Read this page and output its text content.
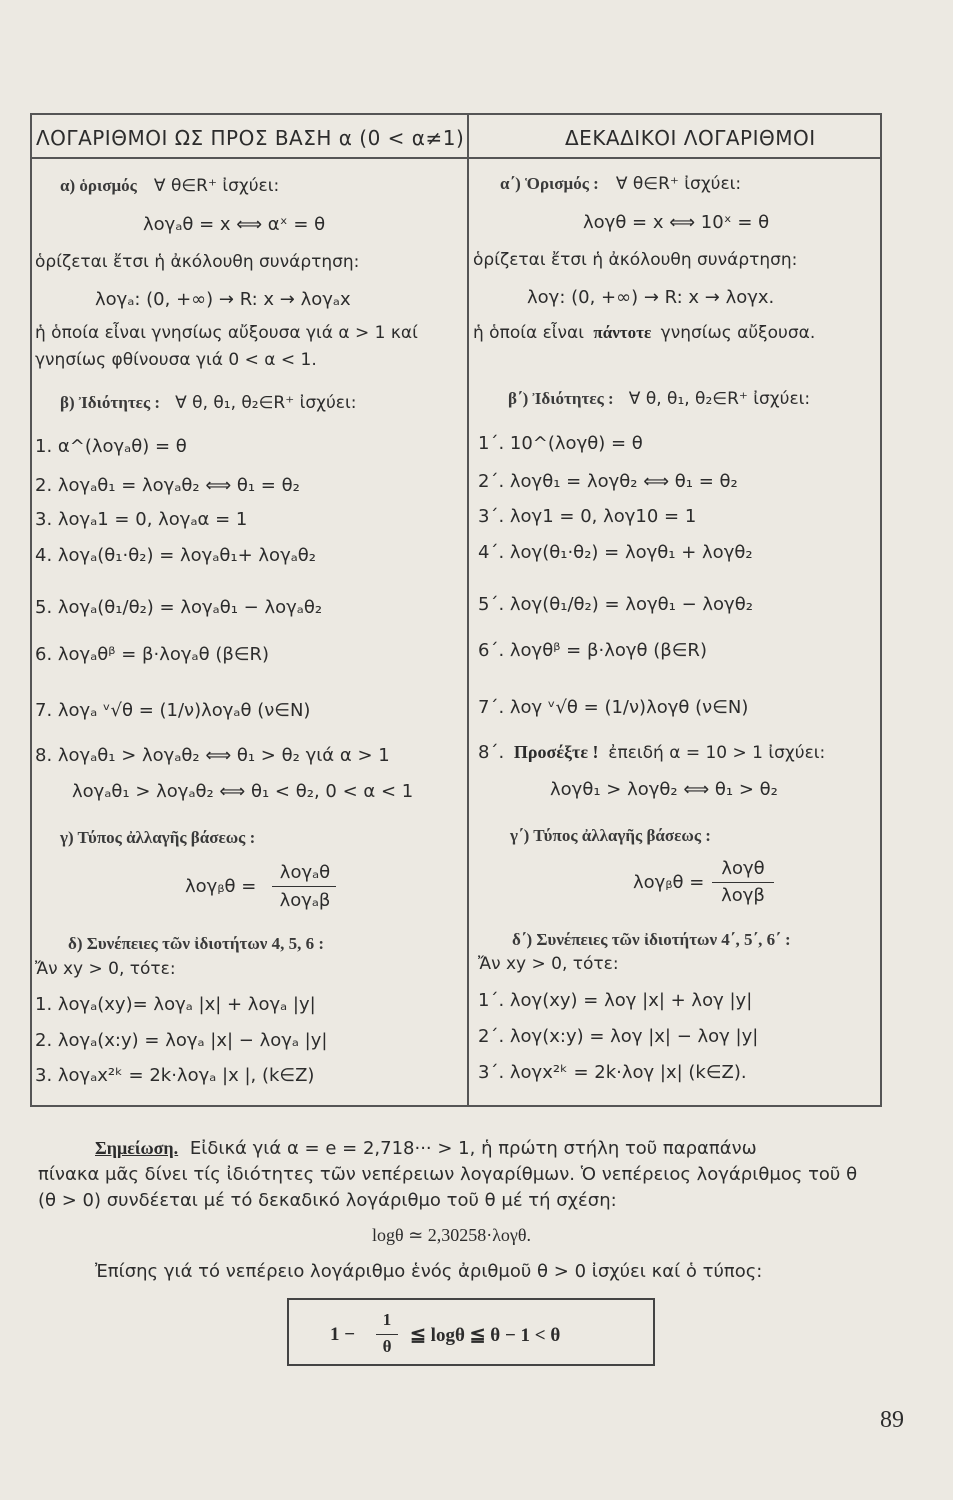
ΛΟΓΑΡΙΘΜΟΙ ΩΣ ΠΡΟΣ ΒΑΣΗ α (0 < α≠1)	ΔΕΚΑΔΙΚΟΙ ΛΟΓΑΡΙΘΜΟΙ
α) ὁρισμός ∀ θ∈R⁺ ἰσχύει:
λογₐθ = x ⟺ αˣ = θ
ὁρίζεται ἔτσι ἡ ἀκόλουθη συνάρτηση:
λογₐ: (0, +∞) → R: x → λογₐx
ἡ ὁποία εἶναι γνησίως αὔξουσα γιά α > 1 καί
γνησίως φθίνουσα γιά 0 < α < 1.
β) Ἰδιότητες : ∀ θ, θ₁, θ₂∈R⁺ ἰσχύει:
1. α^(λογₐθ) = θ
2. λογₐθ₁ = λογₐθ₂ ⟺ θ₁ = θ₂
3. λογₐ1 = 0, λογₐα = 1
4. λογₐ(θ₁·θ₂) = λογₐθ₁+ λογₐθ₂
5. λογₐ(θ₁/θ₂) = λογₐθ₁ − λογₐθ₂
6. λογₐθᵝ = β·λογₐθ (β∈R)
7. λογₐ ᵛ√θ = (1/ν)λογₐθ (ν∈N)
8. λογₐθ₁ > λογₐθ₂ ⟺ θ₁ > θ₂ γιά α > 1
λογₐθ₁ > λογₐθ₂ ⟺ θ₁ < θ₂, 0 < α < 1
γ) Τύπος ἀλλαγῆς βάσεως :
λογᵦθ =
λογₐθ
λογₐβ
δ) Συνέπειες τῶν ἰδιοτήτων 4, 5, 6 :
Ἄν xy > 0, τότε:
1. λογₐ(xy)= λογₐ |x| + λογₐ |y|
2. λογₐ(x:y) = λογₐ |x| − λογₐ |y|
3. λογₐx²ᵏ = 2k·λογₐ |x |, (k∈Z)
α΄) Ὁρισμός : ∀ θ∈R⁺ ἰσχύει:
λογθ = x ⟺ 10ˣ = θ
ὁρίζεται ἔτσι ἡ ἀκόλουθη συνάρτηση:
λογ: (0, +∞) → R: x → λογx.
ἡ ὁποία εἶναι πάντοτε γνησίως αὔξουσα.
β΄) Ἰδιότητες : ∀ θ, θ₁, θ₂∈R⁺ ἰσχύει:
1΄. 10^(λογθ) = θ
2΄. λογθ₁ = λογθ₂ ⟺ θ₁ = θ₂
3΄. λογ1 = 0, λογ10 = 1
4΄. λογ(θ₁·θ₂) = λογθ₁ + λογθ₂
5΄. λογ(θ₁/θ₂) = λογθ₁ − λογθ₂
6΄. λογθᵝ = β·λογθ (β∈R)
7΄. λογ ᵛ√θ = (1/ν)λογθ (ν∈N)
8΄. Προσέξτε ! ἐπειδή α = 10 > 1 ἰσχύει:
λογθ₁ > λογθ₂ ⟺ θ₁ > θ₂
γ΄) Τύπος ἀλλαγῆς βάσεως :
λογᵦθ =
λογθ
λογβ
δ΄) Συνέπειες τῶν ἰδιοτήτων 4΄, 5΄, 6΄ :
Ἄν xy > 0, τότε:
1΄. λογ(xy) = λογ |x| + λογ |y|
2΄. λογ(x:y) = λογ |x| − λογ |y|
3΄. λογx²ᵏ = 2k·λογ |x| (k∈Z).
Σημείωση. Εἰδικά γιά α = e = 2,718··· > 1, ἡ πρώτη στήλη τοῦ παραπάνω
πίνακα μᾶς δίνει τίς ἰδιότητες τῶν νεπέρειων λογαρίθμων. Ὁ νεπέρειος λογάριθμος τοῦ θ
(θ > 0) συνδέεται μέ τό δεκαδικό λογάριθμο τοῦ θ μέ τή σχέση:
logθ ≃ 2,30258·λογθ.
Ἐπίσης γιά τό νεπέρειο λογάριθμο ἑνός ἀριθμοῦ θ > 0 ἰσχύει καί ὁ τύπος:
1 −
1
θ
≦ logθ ≦ θ − 1 < θ
89
